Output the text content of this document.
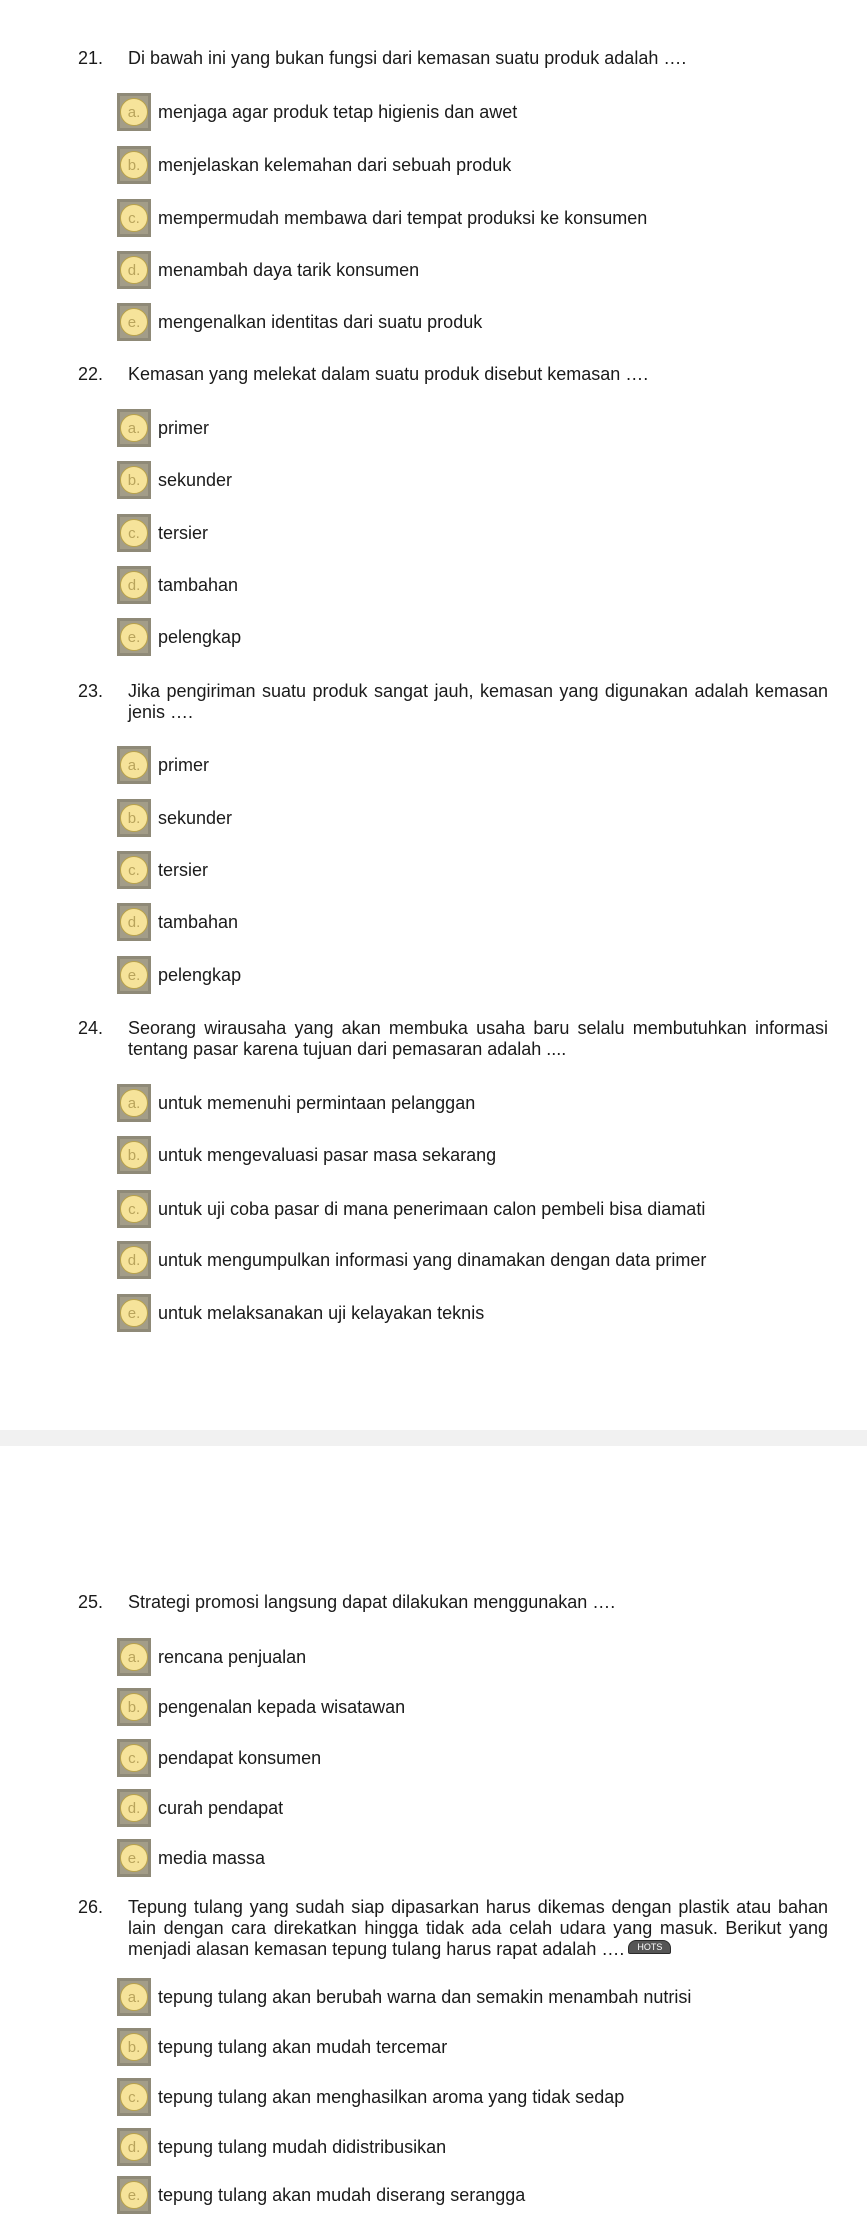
21. Di bawah ini yang bukan fungsi dari kemasan suatu produk adalah ….
a. menjaga agar produk tetap higienis dan awet
b. menjelaskan kelemahan dari sebuah produk
c.	mempermudah membawa dari tempat produksi ke konsumen
d. menambah daya tarik konsumen
e. mengenalkan identitas dari suatu produk
22. Kemasan yang melekat dalam suatu produk disebut kemasan ….
a. primer
b. sekunder
c.	tersier
d. tambahan
e. pelengkap
23. Jika pengiriman suatu produk sangat jauh, kemasan yang digunakan adalah kemasan jenis ….
a. primer
b. sekunder
c.	tersier
d. tambahan
e. pelengkap
24. Seorang wirausaha yang akan membuka usaha baru selalu membutuhkan informasi tentang pasar karena tujuan dari pemasaran adalah ....
a. untuk memenuhi permintaan pelanggan
b. untuk mengevaluasi pasar masa sekarang
c.	untuk uji coba pasar di mana penerimaan calon pembeli bisa diamati
d. untuk mengumpulkan informasi yang dinamakan dengan data primer
e. untuk melaksanakan uji kelayakan teknis
25. Strategi promosi langsung dapat dilakukan menggunakan ….
a. rencana penjualan
b. pengenalan kepada wisatawan
c.	pendapat konsumen
d. curah pendapat
e. media massa
26. Tepung tulang yang sudah siap dipasarkan harus dikemas dengan plastik atau bahan lain dengan cara direkatkan hingga tidak ada celah udara yang masuk. Berikut yang menjadi alasan kemasan tepung tulang harus rapat adalah …. HOTS
a. tepung tulang akan berubah warna dan semakin menambah nutrisi
b. tepung tulang akan mudah tercemar
c.	tepung tulang akan menghasilkan aroma yang tidak sedap
d. tepung tulang mudah didistribusikan
e. tepung tulang akan mudah diserang serangga
